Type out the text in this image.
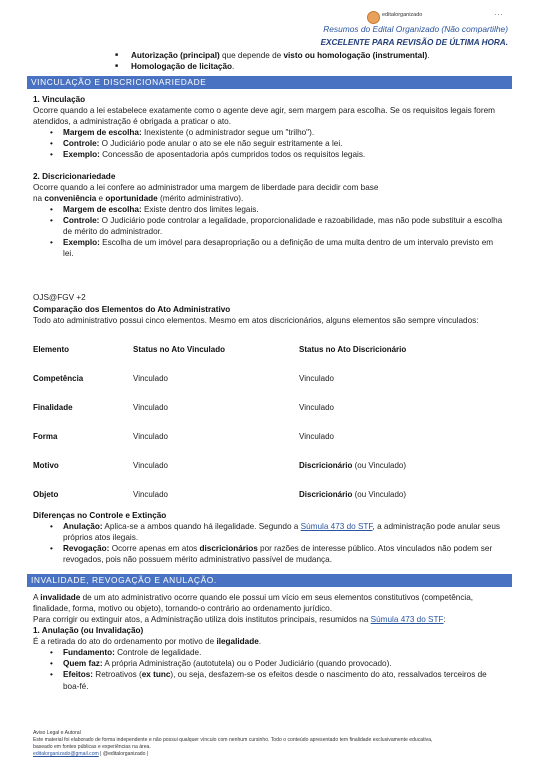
editalorganizado	···
Resumos do Edital Organizado (Não compartilhe)
EXCELENTE PARA REVISÃO DE ÚLTIMA HORA.
■ Autorização (principal) que depende de visto ou homologação (instrumental).
■ Homologação de licitação.
VINCULAÇÃO E DISCRICIONARIEDADE
1. Vinculação
Ocorre quando a lei estabelece exatamente como o agente deve agir, sem margem para escolha. Se os requisitos legais forem atendidos, a administração é obrigada a praticar o ato.
• Margem de escolha: Inexistente (o administrador segue um "trilho").
• Controle: O Judiciário pode anular o ato se ele não seguir estritamente a lei.
• Exemplo: Concessão de aposentadoria após cumpridos todos os requisitos legais.
2. Discricionariedade
Ocorre quando a lei confere ao administrador uma margem de liberdade para decidir com base
na conveniência e oportunidade (mérito administrativo).
• Margem de escolha: Existe dentro dos limites legais.
• Controle: O Judiciário pode controlar a legalidade, proporcionalidade e razoabilidade, mas não pode substituir a escolha de mérito do administrador.
• Exemplo: Escolha de um imóvel para desapropriação ou a definição de uma multa dentro de um intervalo previsto em lei.
OJS@FGV +2
Comparação dos Elementos do Ato Administrativo
Todo ato administrativo possui cinco elementos. Mesmo em atos discricionários, alguns elementos são sempre vinculados:
Elemento	Status no Ato Vinculado	Status no Ato Discricionário
Competência	Vinculado	Vinculado
Finalidade	Vinculado	Vinculado
Forma	Vinculado	Vinculado
Motivo	Vinculado	Discricionário (ou Vinculado)
Objeto	Vinculado	Discricionário (ou Vinculado)
Diferenças no Controle e Extinção
• Anulação: Aplica-se a ambos quando há ilegalidade. Segundo a Súmula 473 do STF, a administração pode anular seus próprios atos ilegais.
• Revogação: Ocorre apenas em atos discricionários por razões de interesse público. Atos vinculados não podem ser revogados, pois não possuem mérito administrativo passível de mudança.
INVALIDADE, REVOGAÇÃO E ANULAÇÃO.
A invalidade de um ato administrativo ocorre quando ele possui um vício em seus elementos constitutivos (competência, finalidade, forma, motivo ou objeto), tornando-o contrário ao ordenamento jurídico.
Para corrigir ou extinguir atos, a Administração utiliza dois institutos principais, resumidos na Súmula 473 do STF:
1. Anulação (ou Invalidação)
É a retirada do ato do ordenamento por motivo de ilegalidade.
• Fundamento: Controle de legalidade.
• Quem faz: A própria Administração (autotutela) ou o Poder Judiciário (quando provocado).
• Efeitos: Retroativos (ex tunc), ou seja, desfazem-se os efeitos desde o nascimento do ato, ressalvados terceiros de boa-fé.
Aviso Legal e Autoral
Este material foi elaborado de forma independente e não possui qualquer vínculo com nenhum cursinho. Todo o conteúdo apresentado tem finalidade exclusivamente educativa,
baseado em fontes públicas e experiências na área.
editalorganizado@gmail.com | @editalorganizado |
